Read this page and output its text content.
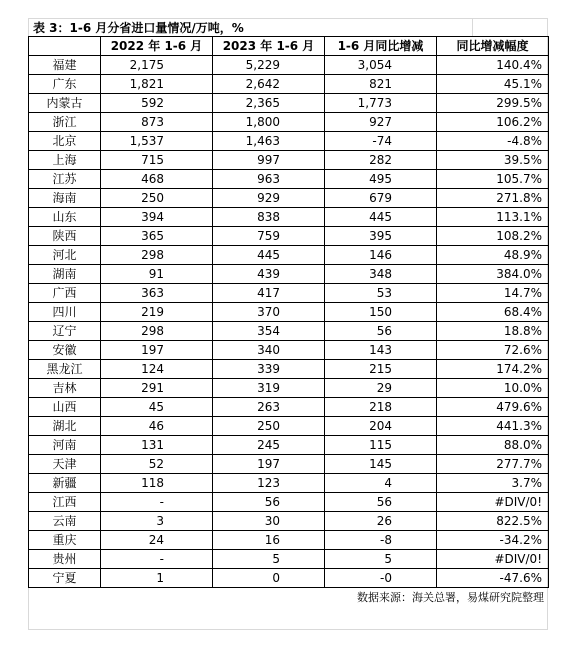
表 3：1-6 月分省进口量情况/万吨，%
	2022 年 1-6 月	2023 年 1-6 月	1-6 月同比增减	同比增减幅度
福建	2,175	5,229	3,054	140.4%
广东	1,821	2,642	821	45.1%
内蒙古	592	2,365	1,773	299.5%
浙江	873	1,800	927	106.2%
北京	1,537	1,463	-74	-4.8%
上海	715	997	282	39.5%
江苏	468	963	495	105.7%
海南	250	929	679	271.8%
山东	394	838	445	113.1%
陕西	365	759	395	108.2%
河北	298	445	146	48.9%
湖南	91	439	348	384.0%
广西	363	417	53	14.7%
四川	219	370	150	68.4%
辽宁	298	354	56	18.8%
安徽	197	340	143	72.6%
黑龙江	124	339	215	174.2%
吉林	291	319	29	10.0%
山西	45	263	218	479.6%
湖北	46	250	204	441.3%
河南	131	245	115	88.0%
天津	52	197	145	277.7%
新疆	118	123	4	3.7%
江西	-	56	56	#DIV/0!
云南	3	30	26	822.5%
重庆	24	16	-8	-34.2%
贵州	-	5	5	#DIV/0!
宁夏	1	0	-0	-47.6%
数据来源：海关总署，易煤研究院整理
